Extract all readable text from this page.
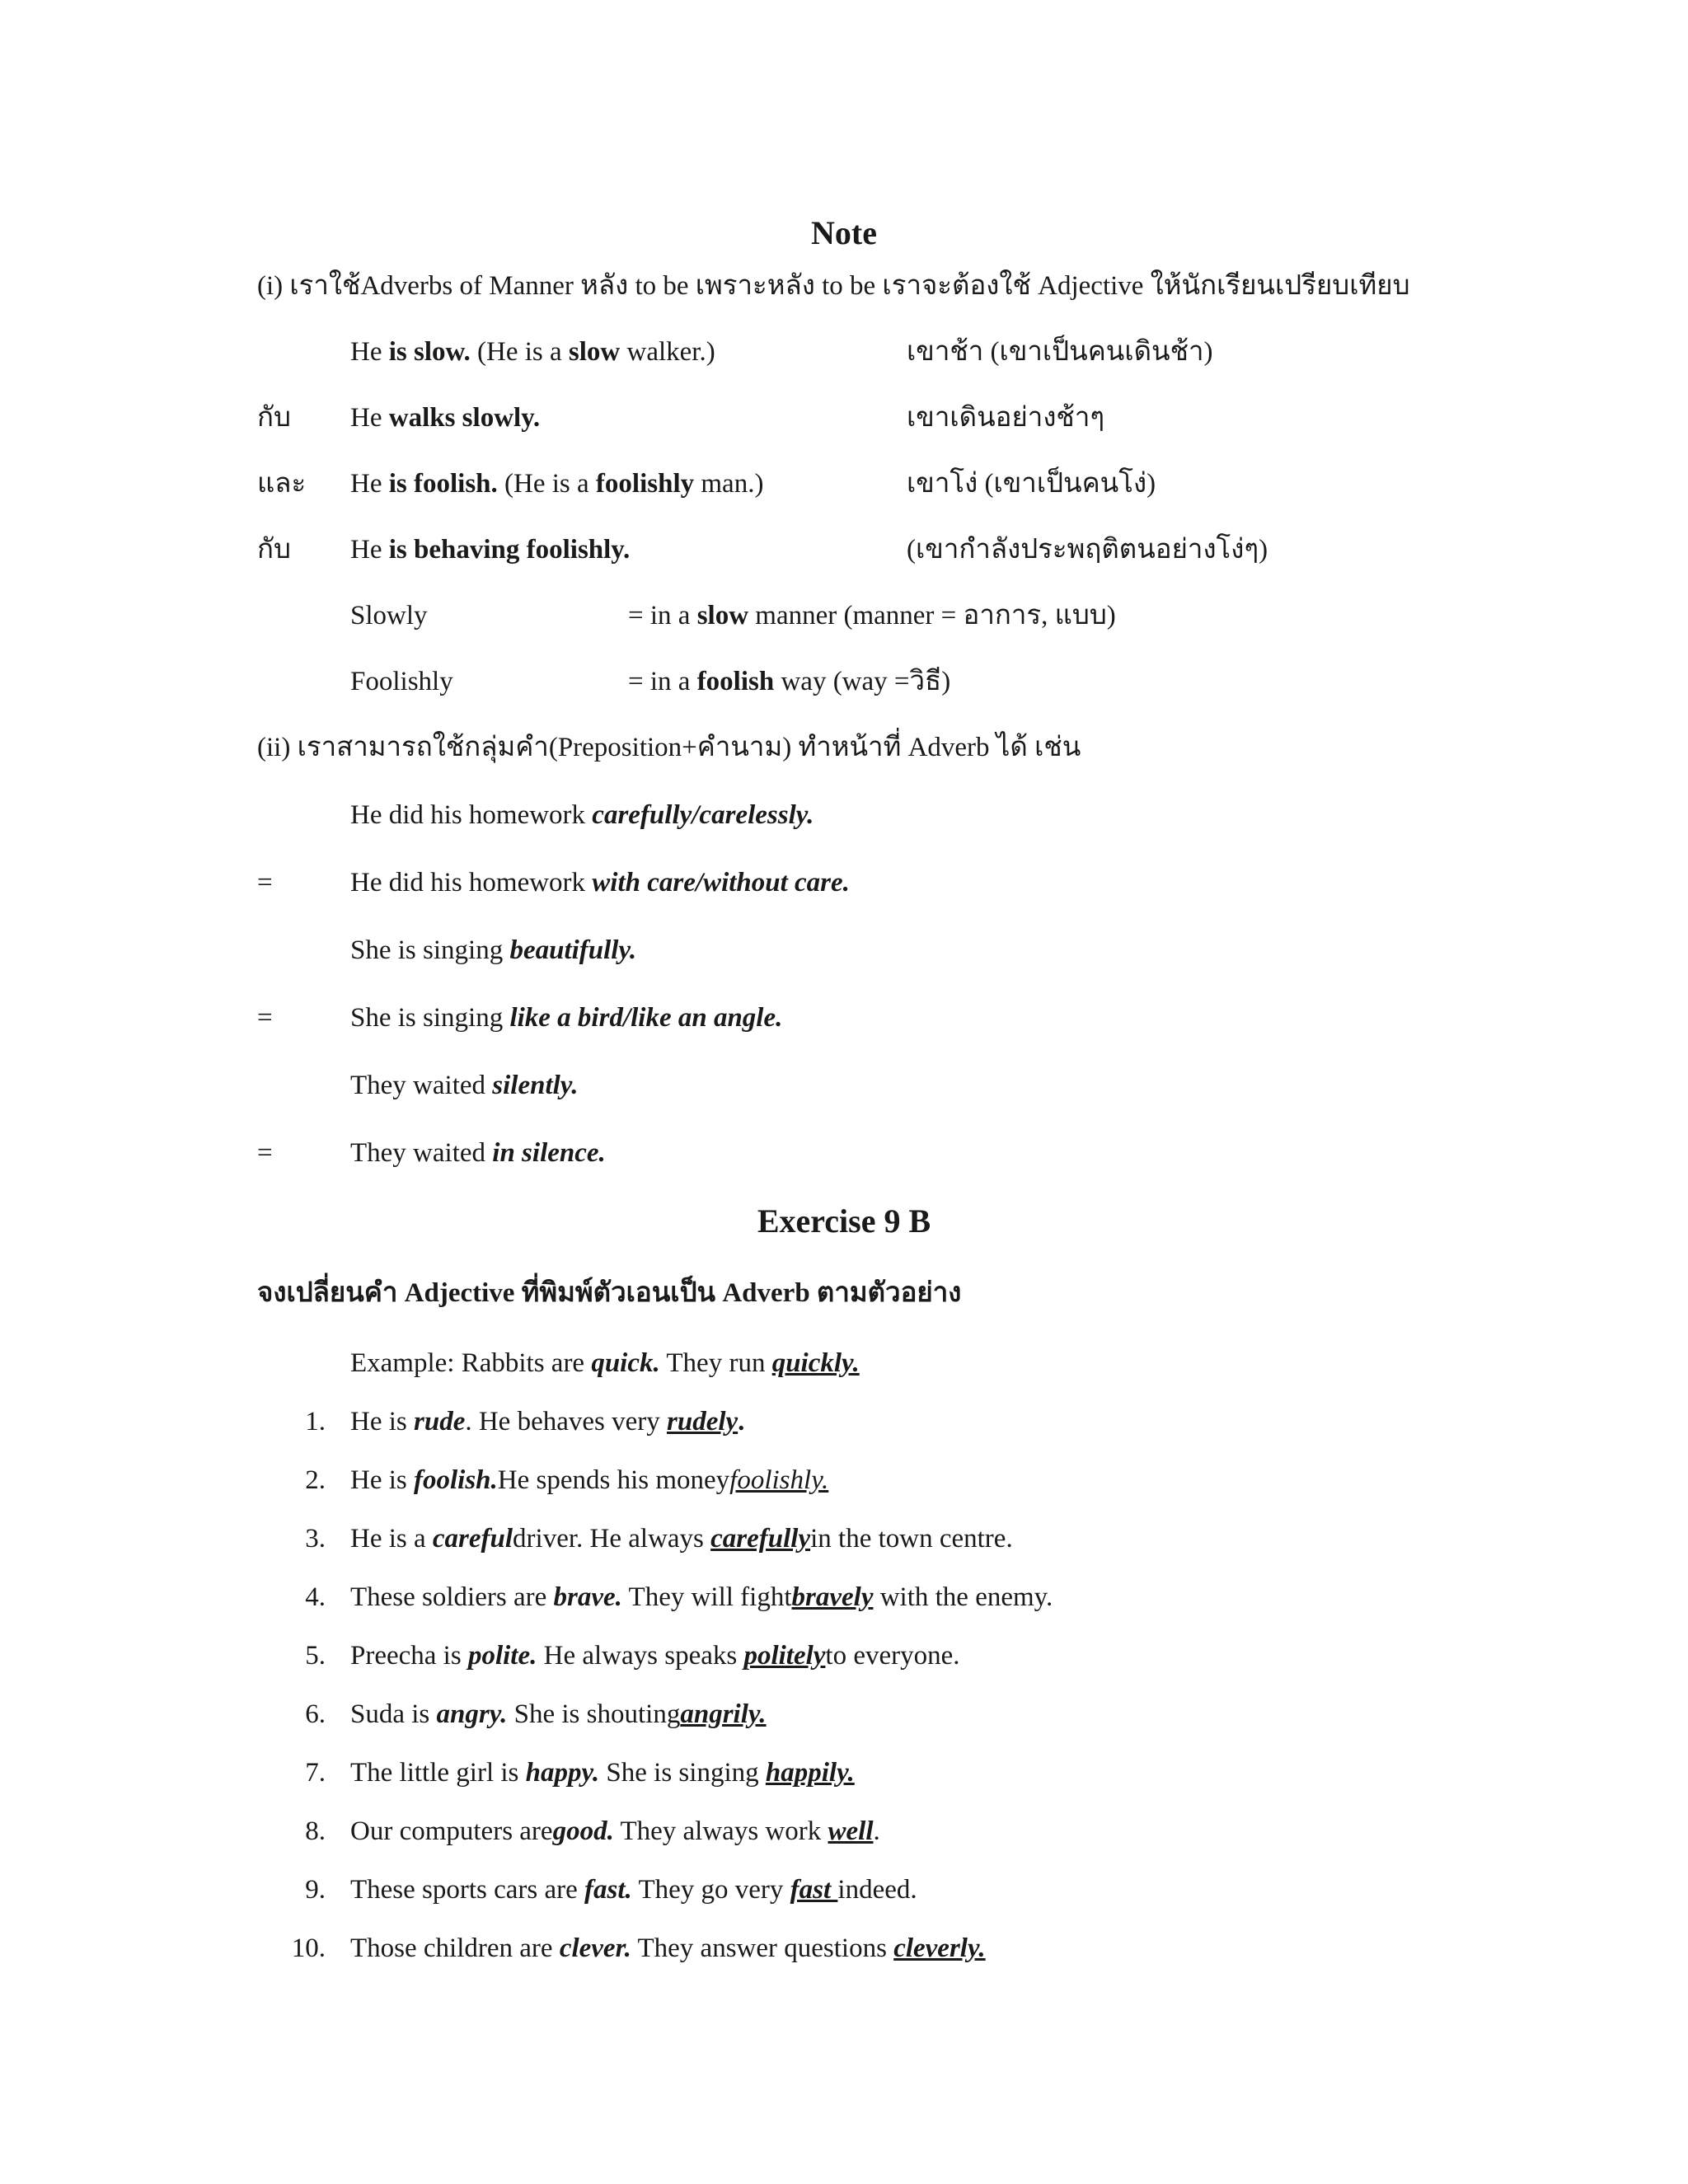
Note
(i) เราใช้Adverbs of Manner หลัง to be เพราะหลัง to be เราจะต้องใช้ Adjective ให้นักเรียนเปรียบเทียบ
He is slow. (He is a slow walker.)	เขาช้า (เขาเป็นคนเดินช้า)
กับ He walks slowly.	เขาเดินอย่างช้าๆ
และ He is foolish. (He is a foolishly man.)	เขาโง่ (เขาเป็นคนโง่)
กับ He is behaving foolishly.	(เขากำลังประพฤติตนอย่างโง่ๆ)
Slowly	= in a slow manner (manner = อาการ, แบบ)
Foolishly	= in a foolish way (way =วิธี)
(ii) เราสามารถใช้กลุ่มคำ(Preposition+คำนาม) ทำหน้าที่ Adverb ได้ เช่น
He did his homework carefully/carelessly.
=	He did his homework with care/without care.
She is singing beautifully.
=	She is singing like a bird/like an angle.
They waited silently.
=	They waited in silence.
Exercise 9 B
จงเปลี่ยนคำ Adjective ที่พิมพ์ตัวเอนเป็น Adverb ตามตัวอย่าง
Example: Rabbits are quick. They run quickly.
1. He is rude. He behaves very rudely.
2. He is foolish.He spends his moneyfoolishly.
3. He is a carefuldriver. He always carefullyin the town centre.
4. These soldiers are brave. They will fightbravely with the enemy.
5. Preecha is polite. He always speaks politelyto everyone.
6. Suda is angry. She is shoutingangrily.
7. The little girl is happy. She is singing happily.
8. Our computers aregood. They always work well.
9. These sports cars are fast. They go very fast indeed.
10. Those children are clever. They answer questions cleverly.
